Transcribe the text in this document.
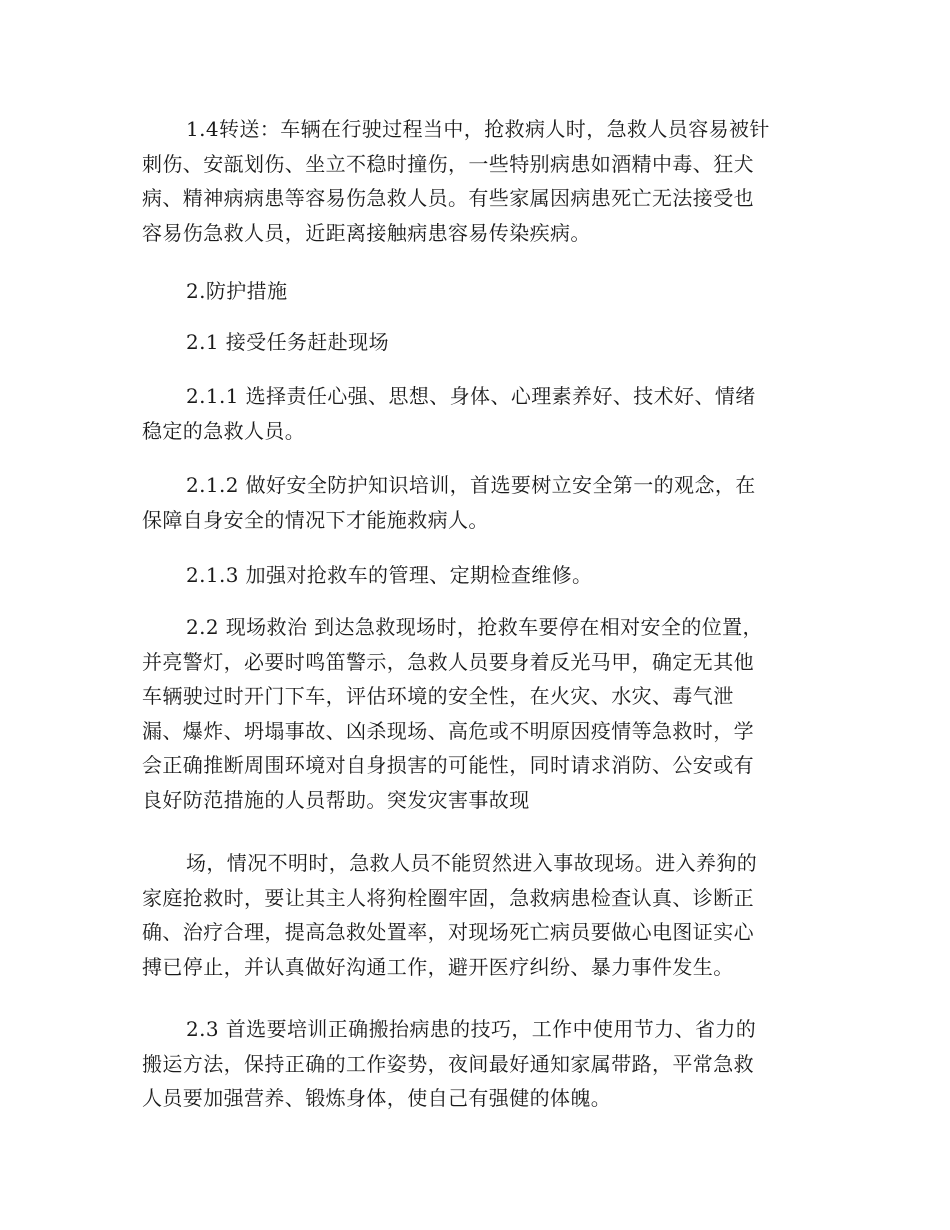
1.4转送：车辆在行驶过程当中，抢救病人时，急救人员容易被针
刺伤、安瓿划伤、坐立不稳时撞伤，一些特别病患如酒精中毒、狂犬
病、精神病病患等容易伤急救人员。有些家属因病患死亡无法接受也
容易伤急救人员，近距离接触病患容易传染疾病。

2.防护措施

2.1 接受任务赶赴现场

2.1.1 选择责任心强、思想、身体、心理素养好、技术好、情绪
稳定的急救人员。

2.1.2 做好安全防护知识培训，首选要树立安全第一的观念，在
保障自身安全的情况下才能施救病人。

2.1.3 加强对抢救车的管理、定期检查维修。

2.2 现场救治 到达急救现场时，抢救车要停在相对安全的位置，
并亮警灯，必要时鸣笛警示，急救人员要身着反光马甲，确定无其他
车辆驶过时开门下车，评估环境的安全性，在火灾、水灾、毒气泄
漏、爆炸、坍塌事故、凶杀现场、高危或不明原因疫情等急救时，学
会正确推断周围环境对自身损害的可能性，同时请求消防、公安或有
良好防范措施的人员帮助。突发灾害事故现

场，情况不明时，急救人员不能贸然进入事故现场。进入养狗的
家庭抢救时，要让其主人将狗栓圈牢固，急救病患检查认真、诊断正
确、治疗合理，提高急救处置率，对现场死亡病员要做心电图证实心
搏已停止，并认真做好沟通工作，避开医疗纠纷、暴力事件发生。

2.3 首选要培训正确搬抬病患的技巧，工作中使用节力、省力的
搬运方法，保持正确的工作姿势，夜间最好通知家属带路，平常急救
人员要加强营养、锻炼身体，使自己有强健的体魄。
